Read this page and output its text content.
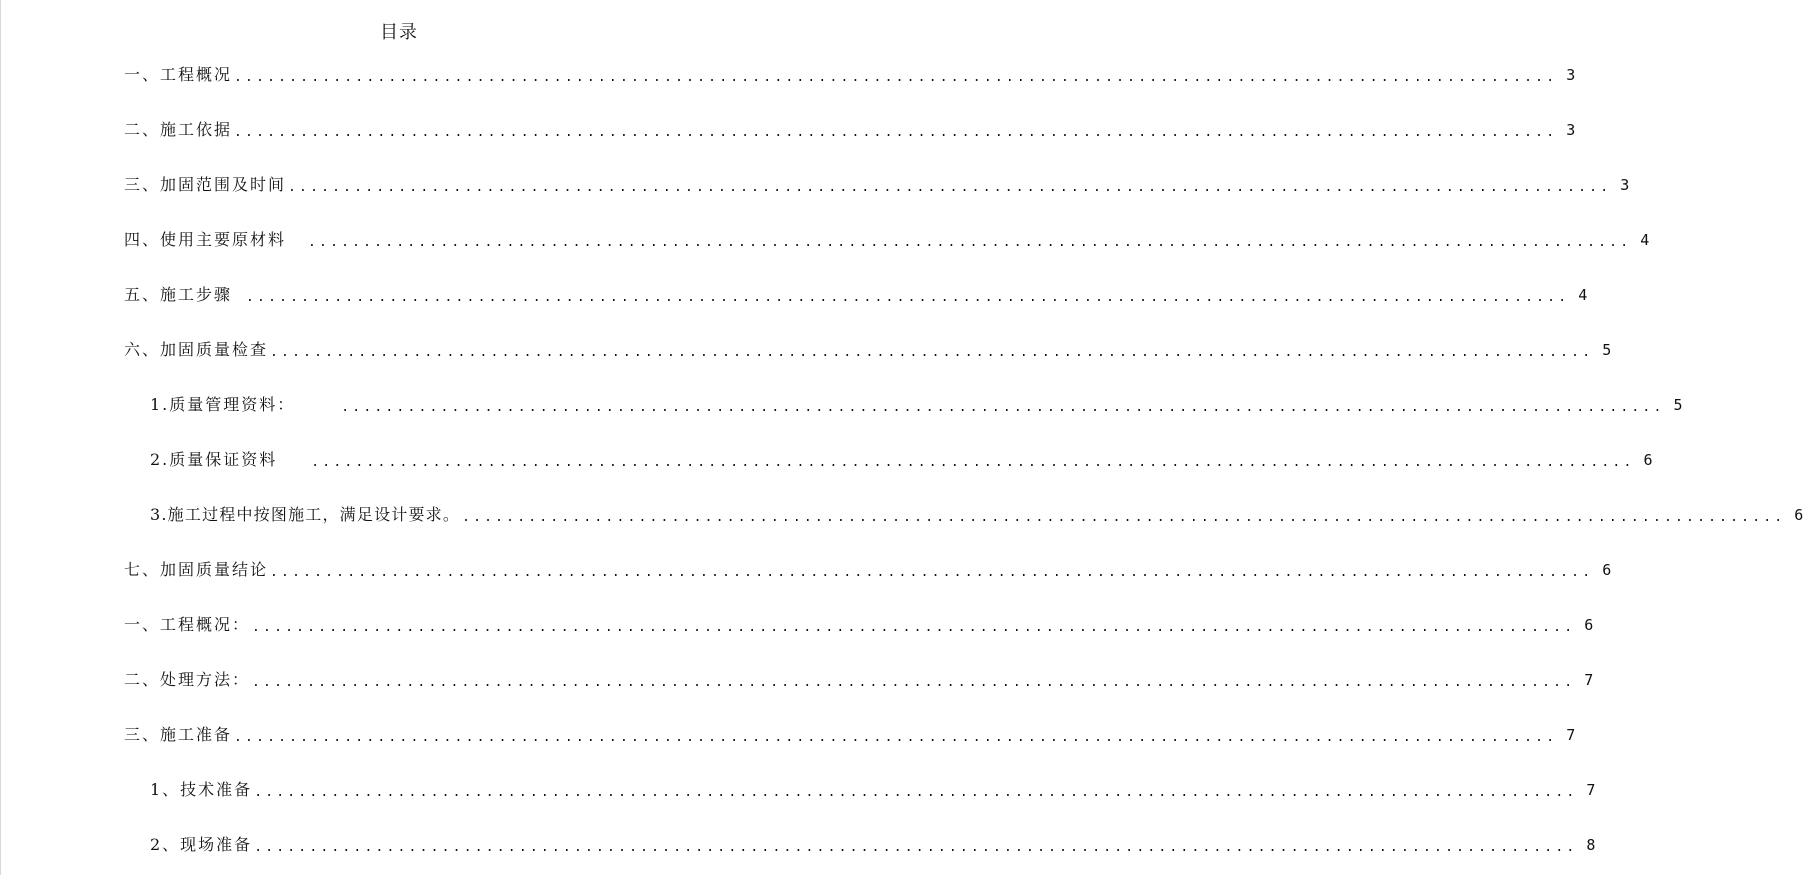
目录
一、工程概况 ........................................................................................................................ 3
二、施工依据 ........................................................................................................................ 3
三、加固范围及时间 ........................................................................................................................ 3
四、使用主要原材料 ........................................................................................................................ 4
五、施工步骤 ........................................................................................................................ 4
六、加固质量检查 ........................................................................................................................ 5
1.质量管理资料：	........................................................................................................................ 5
2.质量保证资料	........................................................................................................................ 6
3.施工过程中按图施工，满足设计要求。 ........................................................................................................................ 6
七、加固质量结论 ........................................................................................................................ 6
一、工程概况： ........................................................................................................................ 6
二、处理方法： ........................................................................................................................ 7
三、施工准备 ........................................................................................................................ 7
1、技术准备 ........................................................................................................................ 7
2、现场准备 ........................................................................................................................ 8
